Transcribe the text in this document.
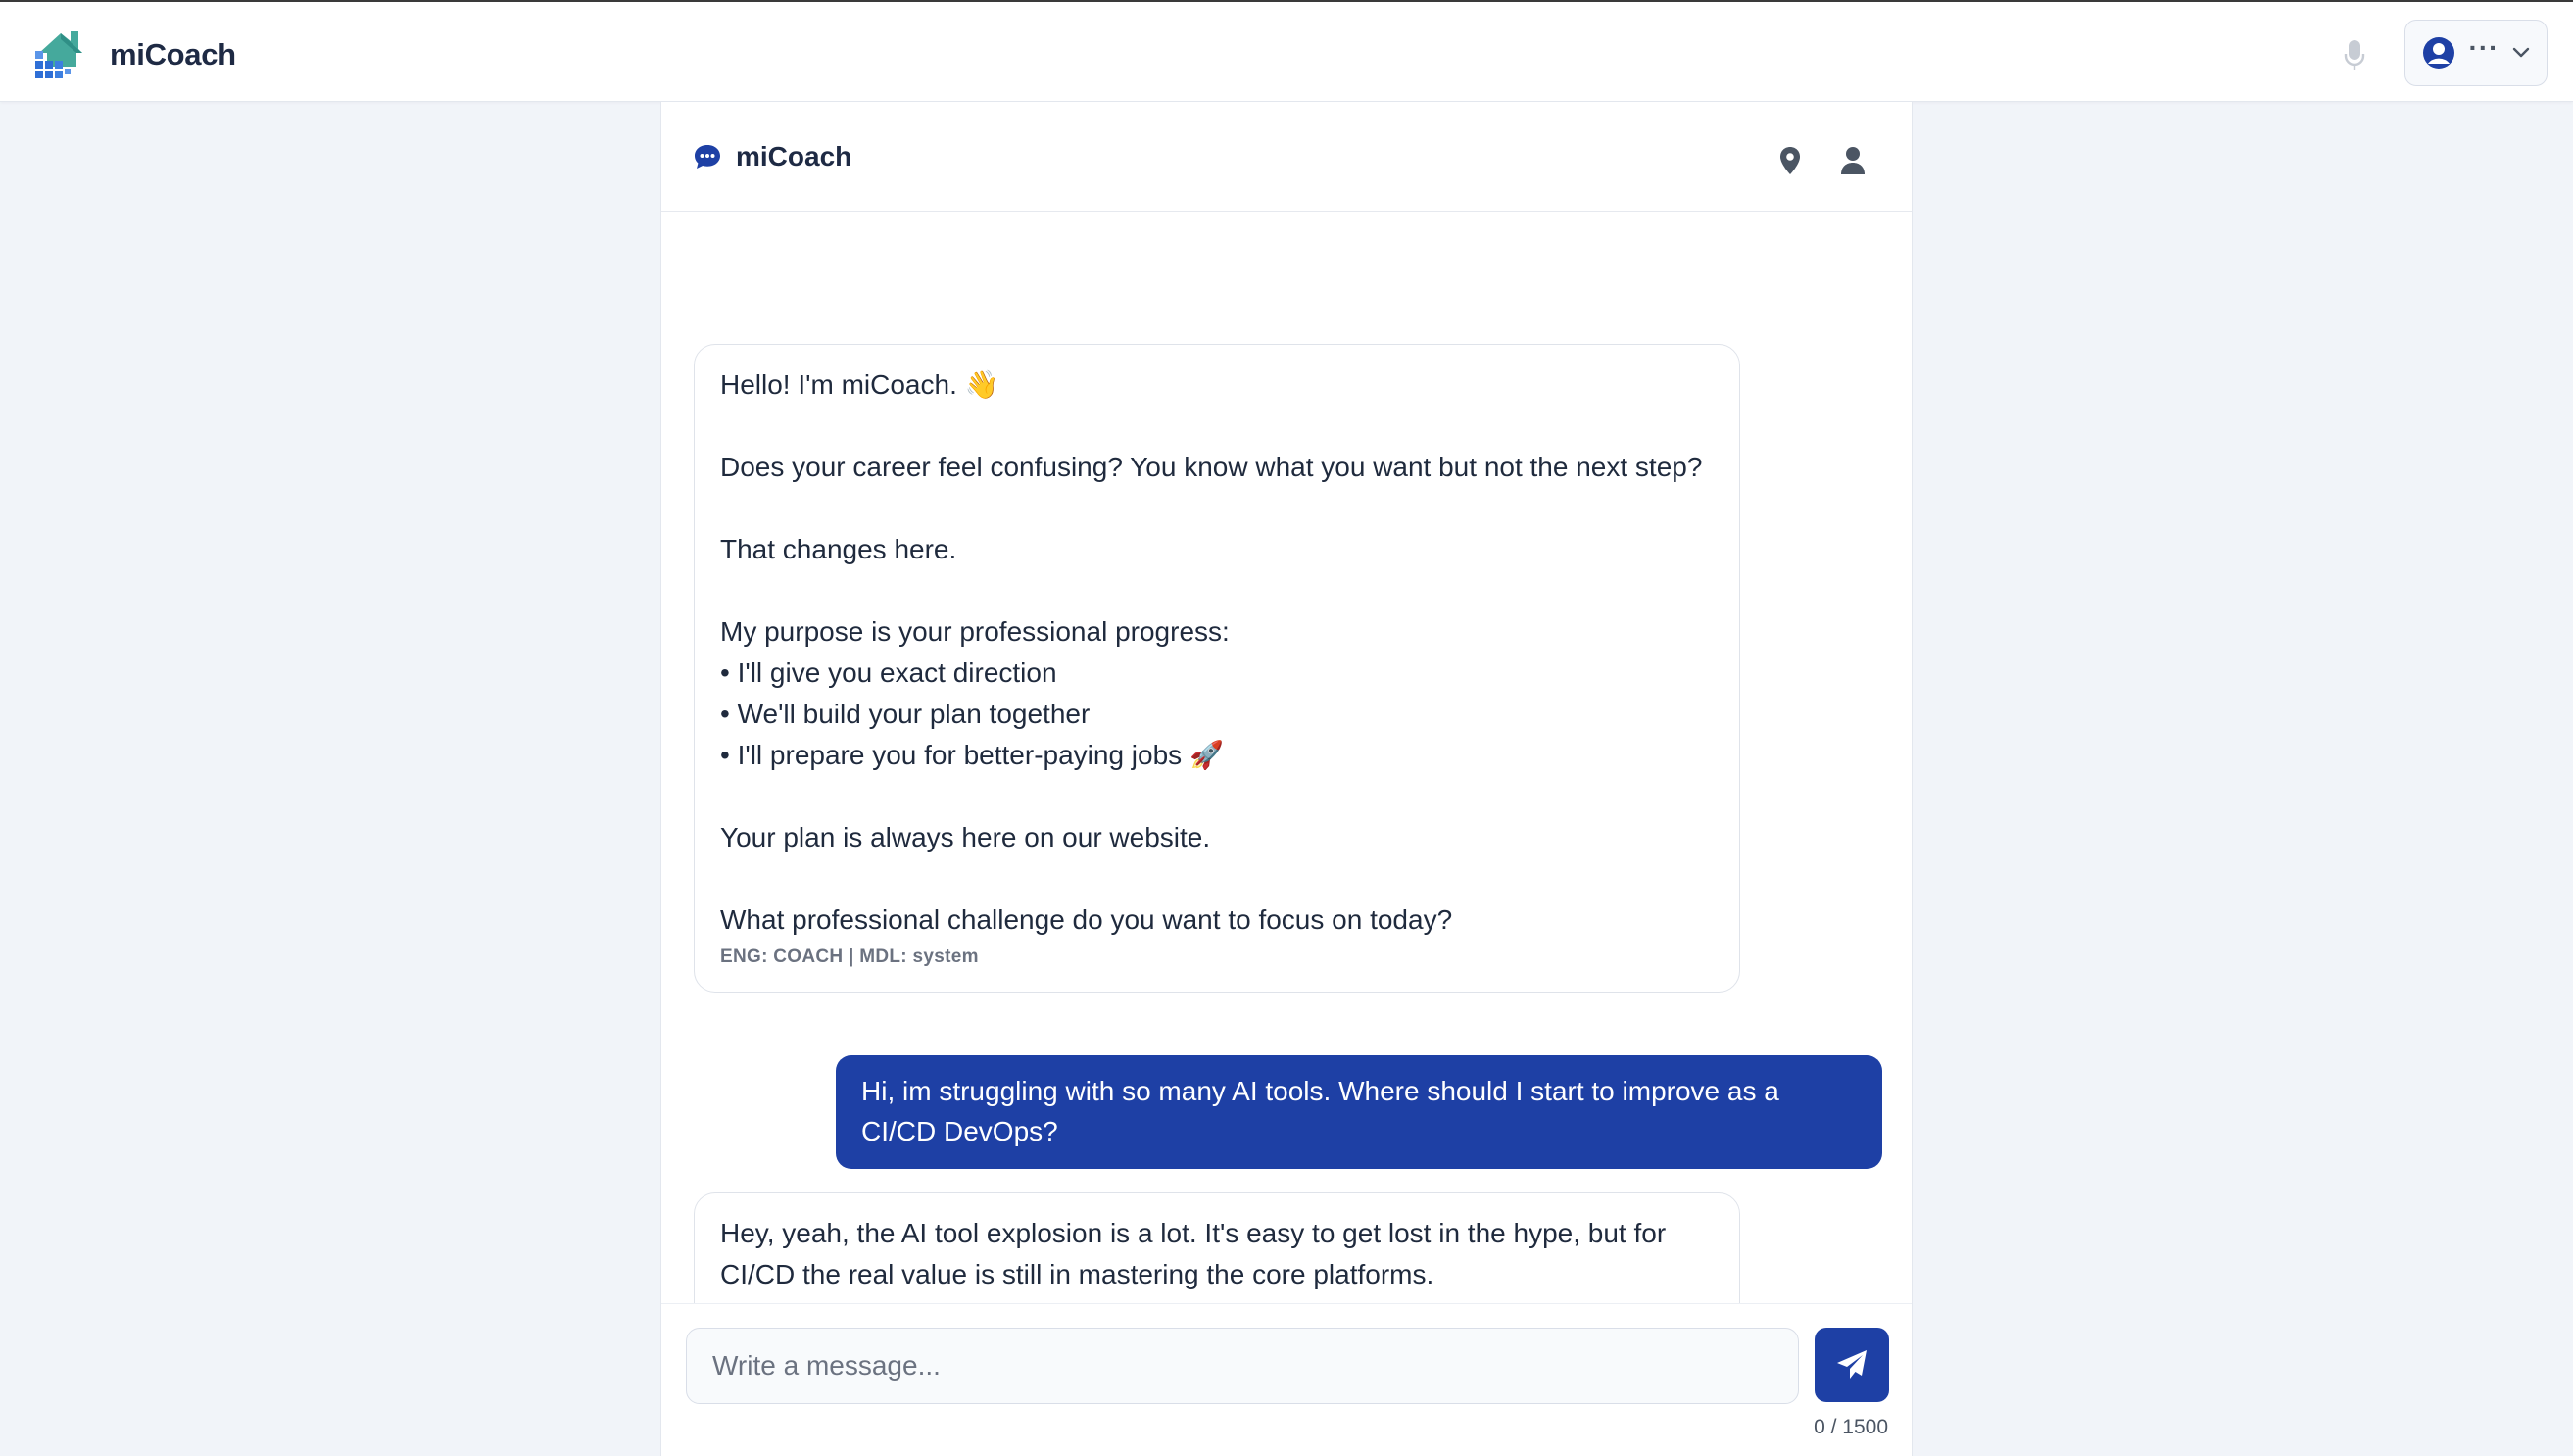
miCoach	···
miCoach

Hello! I'm miCoach. 👋

Does your career feel confusing? You know what you want but not the next step?

That changes here.

My purpose is your professional progress:
• I'll give you exact direction
• We'll build your plan together
• I'll prepare you for better-paying jobs 🚀

Your plan is always here on our website.

What professional challenge do you want to focus on today?

ENG: COACH | MDL: system

Hi, im struggling with so many AI tools. Where should I start to improve as a CI/CD DevOps?

Hey, yeah, the AI tool explosion is a lot. It's easy to get lost in the hype, but for CI/CD the real value is still in mastering the core platforms.

Write a message...
0 / 1500
